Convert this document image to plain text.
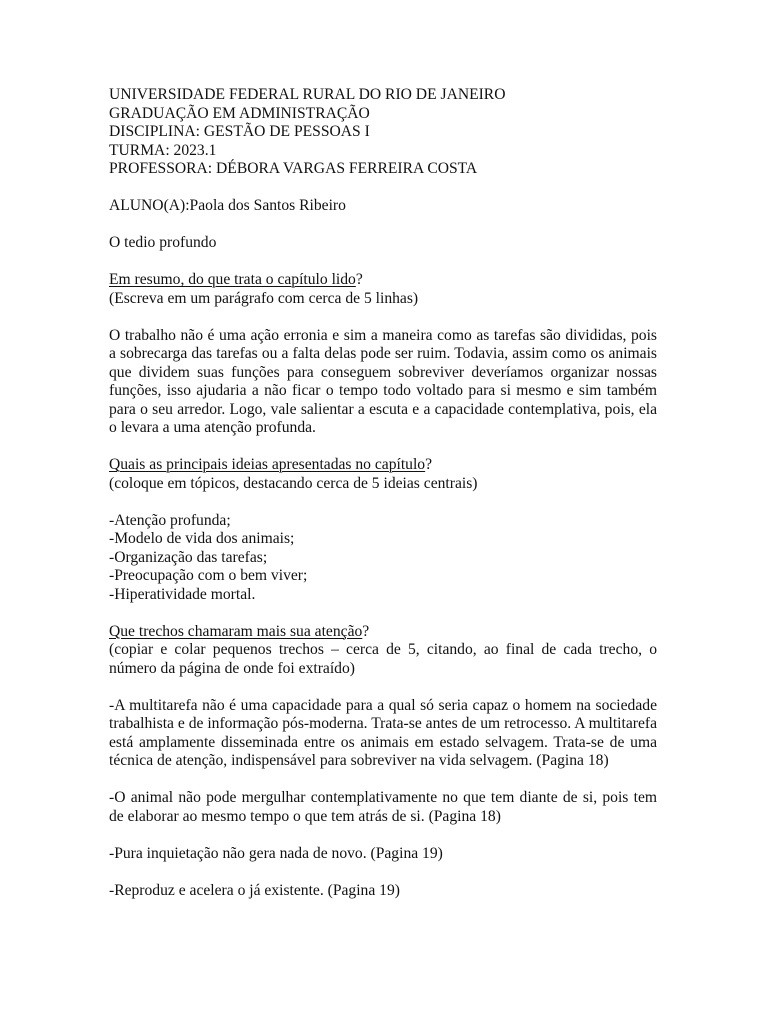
UNIVERSIDADE FEDERAL RURAL DO RIO DE JANEIRO
GRADUAÇÃO EM ADMINISTRAÇÃO
DISCIPLINA: GESTÃO DE PESSOAS I
TURMA: 2023.1
PROFESSORA: DÉBORA VARGAS FERREIRA COSTA
ALUNO(A):Paola dos Santos Ribeiro
O tedio profundo
Em resumo, do que trata o capítulo lido?
(Escreva em um parágrafo com cerca de 5 linhas)

O trabalho não é uma ação erronia e sim a maneira como as tarefas são divididas, pois a sobrecarga das tarefas ou a falta delas pode ser ruim. Todavia, assim como os animais que dividem suas funções para conseguem sobreviver deveríamos organizar nossas funções, isso ajudaria a não ficar o tempo todo voltado para si mesmo e sim também para o seu arredor. Logo, vale salientar a escuta e a capacidade contemplativa, pois, ela o levara a uma atenção profunda.

Quais as principais ideias apresentadas no capítulo?
(coloque em tópicos, destacando cerca de 5 ideias centrais)
-Atenção profunda;
-Modelo de vida dos animais;
-Organização das tarefas;
-Preocupação com o bem viver;
-Hiperatividade mortal.
Que trechos chamaram mais sua atenção?

(copiar e colar pequenos trechos – cerca de 5, citando, ao final de cada trecho, o número da página de onde foi extraído)

-A multitarefa não é uma capacidade para a qual só seria capaz o homem na sociedade trabalhista e de informação pós-moderna. Trata-se antes de um retrocesso. A multitarefa está amplamente disseminada entre os animais em estado selvagem. Trata-se de uma técnica de atenção, indispensável para sobreviver na vida selvagem. (Pagina 18)

-O animal não pode mergulhar contemplativamente no que tem diante de si, pois tem de elaborar ao mesmo tempo o que tem atrás de si. (Pagina 18)

-Pura inquietação não gera nada de novo. (Pagina 19)

-Reproduz e acelera o já existente. (Pagina 19)
